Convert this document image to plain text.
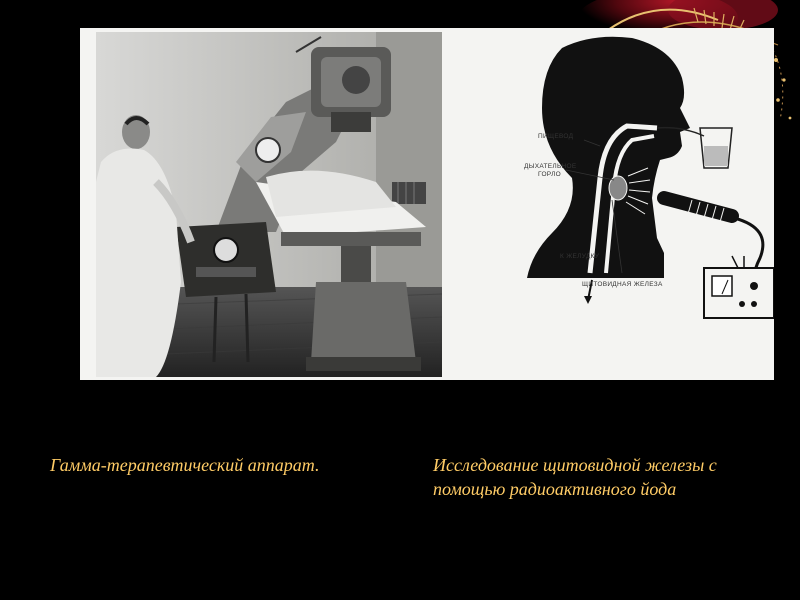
ПИЩЕВОД
ДЫХАТЕЛЬНОЕ
ГОРЛО
К ЖЕЛУДКУ
ЩИТОВИДНАЯ ЖЕЛЕЗА
Гамма-терапевтический аппарат.	Исследование щитовидной железы с помощью радиоактивного йода
